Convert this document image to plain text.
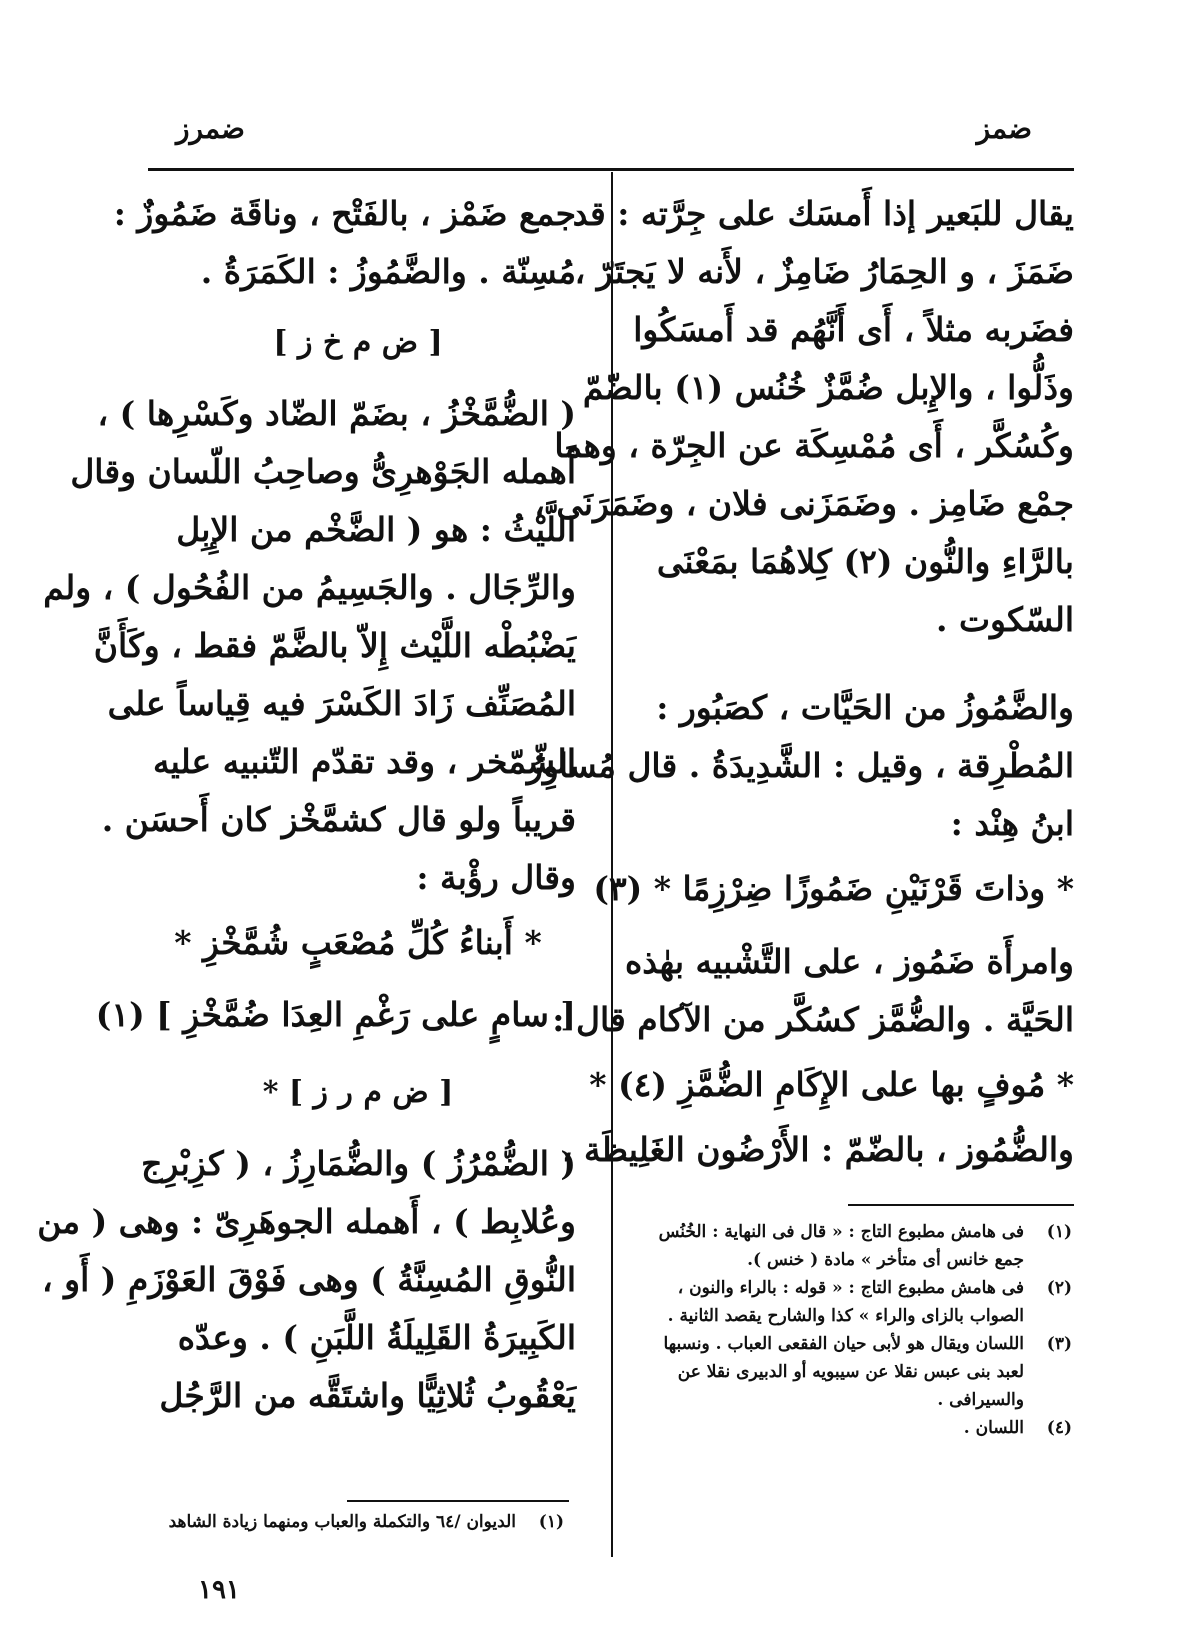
ضمز
ضمرز
يقال للبَعير إذا أَمسَك على جِرَّته : قد
ضَمَزَ ، و الحِمَارُ ضَامِزٌ ، لأَنه لا يَجتَرّ ،
فضَربه مثلاً ، أَى أَنَّهُم قد أَمسَكُوا
وذَلُّوا ، والإِبل ضُمَّزٌ خُنُس (١) بالضّمّ
وكُسُكَّر ، أَى مُمْسِكَة عن الجِرّة ، وهما
جمْع ضَامِز . وضَمَزَنى فلان ، وضَمَرَنَى ،
بالرَّاءِ والنُّون (٢) كِلاهُمَا بمَعْنَى
السّكوت .
والضَّمُوزُ من الحَيَّات ، كصَبُور :
المُطْرِقة ، وقيل : الشَّدِيدَةُ . قال مُساوِرُ
ابنُ هِنْد :
* وذاتَ قَرْنَيْنِ ضَمُوزًا ضِرْزِمًا * (٣)
وامرأَة ضَمُوز ، على التَّشْبيه بهٰذه
الحَيَّة . والضُّمَّز كسُكَّر من الآكام قال :
* مُوفٍ بها على الإِكَامِ الضُّمَّزِ (٤) *
والضُّمُوز ، بالضّمّ : الأَرْضُون الغَلِيظَة ،
جمع ضَمْز ، بالفَتْح ، وناقَة ضَمُوزٌ :
مُسِنّة . والضَّمُوزُ : الكَمَرَةُ .
[ ض م خ ز ]
( الضُّمَّخْزُ ، بضَمّ الضّاد وكَسْرِها ) ،
أَهمله الجَوْهرِىُّ وصاحِبُ اللّسان وقال
اللَّيْثُ : هو ( الضَّخْم من الإِبِل
والرِّجَال . والجَسِيمُ من الفُحُول ) ، ولم
يَضْبُطْه اللَّيْث إِلاّ بالضَّمّ فقط ، وكَأَنَّ
المُصَنِّف زَادَ الكَسْرَ فيه قِياساً على
الشّمّخر ، وقد تقدّم التّنبيه عليه
قريباً ولو قال كشمَّخْز كان أَحسَن .
وقال رؤْبة :
* أَبناءُ كُلِّ مُصْعَبٍ شُمَّخْزِ *
[ سامٍ على رَغْمِ العِدَا ضُمَّخْزِ ] (١)
[ ض م ر ز ] *
( الضُّمْرُزُ ) والضُّمَارِزُ ، ( كزِبْرِج
وعُلابِط ) ، أَهمله الجوهَرِىّ : وهى ( من
النُّوقِ المُسِنَّةُ ) وهى فَوْقَ العَوْزَمِ ( أَو ،
الكَبِيرَةُ القَلِيلَةُ اللَّبَنِ ) . وعدّه
يَعْقُوبُ ثُلاثِيًّا واشتَقَّه من الرَّجُل
(١)
فى هامش مطبوع التاج : « قال فى النهاية : الخُنُس
جمع خانس أى متأخر » مادة ( خنس ).
(٢)
فى هامش مطبوع التاج : « قوله : بالراء والنون ،
الصواب بالزاى والراء » كذا والشارح يقصد الثانية .
(٣)
اللسان ويقال هو لأبى حيان الفقعى العباب . ونسبها
لعبد بنى عبس نقلا عن سيبويه أو الدبيرى نقلا عن
والسيرافى .
(٤)
اللسان .
(١)
الديوان /٦٤ والتكملة والعباب ومنهما زيادة الشاهد
١٩١
